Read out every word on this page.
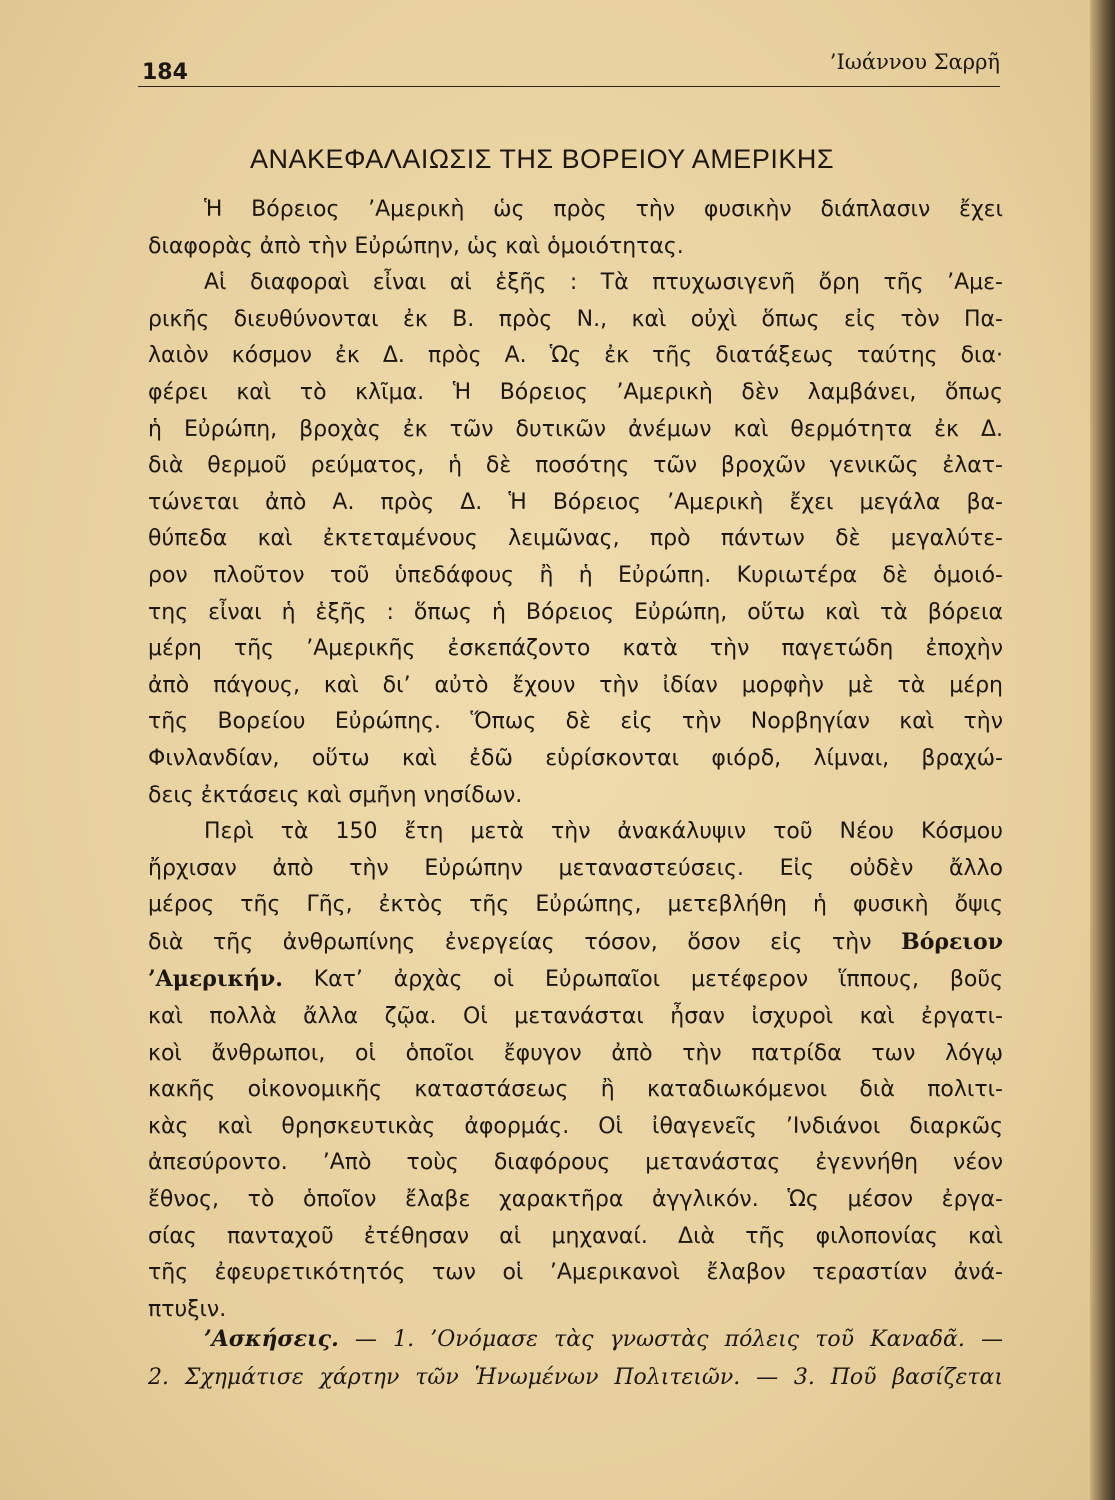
184	’Ιωάννου Σαρρῆ
ΑΝΑΚΕΦΑΛΑΙΩΣΙΣ ΤΗΣ ΒΟΡΕΙΟΥ ΑΜΕΡΙΚΗΣ
Ἡ Βόρειος ’Αμερικὴ ὡς πρὸς τὴν φυσικὴν διάπλασιν ἔχει
διαφορὰς ἀπὸ τὴν Εὐρώπην, ὡς καὶ ὁμοιότητας.
Αἱ διαφοραὶ εἶναι αἱ ἑξῆς : Τὰ πτυχωσιγενῆ ὄρη τῆς ’Αμε-
ρικῆς διευθύνονται ἐκ Β. πρὸς Ν., καὶ οὐχὶ ὅπως εἰς τὸν Πα-
λαιὸν κόσμον ἐκ Δ. πρὸς Α. Ὡς ἐκ τῆς διατάξεως ταύτης δια·
φέρει καὶ τὸ κλῖμα. Ἡ Βόρειος ’Αμερικὴ δὲν λαμβάνει, ὅπως
ἡ Εὐρώπη, βροχὰς ἐκ τῶν δυτικῶν ἀνέμων καὶ θερμότητα ἐκ Δ.
διὰ θερμοῦ ρεύματος, ἡ δὲ ποσότης τῶν βροχῶν γενικῶς ἐλατ-
τώνεται ἀπὸ Α. πρὸς Δ. Ἡ Βόρειος ’Αμερικὴ ἔχει μεγάλα βα-
θύπεδα καὶ ἐκτεταμένους λειμῶνας, πρὸ πάντων δὲ μεγαλύτε-
ρον πλοῦτον τοῦ ὑπεδάφους ἢ ἡ Εὐρώπη. Κυριωτέρα δὲ ὁμοιό-
της εἶναι ἡ ἑξῆς : ὅπως ἡ Βόρειος Εὐρώπη, οὕτω καὶ τὰ βόρεια
μέρη τῆς ’Αμερικῆς ἐσκεπάζοντο κατὰ τὴν παγετώδη ἐποχὴν
ἀπὸ πάγους, καὶ δι’ αὐτὸ ἔχουν τὴν ἰδίαν μορφὴν μὲ τὰ μέρη
τῆς Βορείου Εὐρώπης. Ὅπως δὲ εἰς τὴν Νορβηγίαν καὶ τὴν
Φινλανδίαν, οὕτω καὶ ἐδῶ εὑρίσκονται φιόρδ, λίμναι, βραχώ-
δεις ἐκτάσεις καὶ σμῆνη νησίδων.
Περὶ τὰ 150 ἔτη μετὰ τὴν ἀνακάλυψιν τοῦ Νέου Κόσμου
ἤρχισαν ἀπὸ τὴν Εὐρώπην μεταναστεύσεις. Εἰς οὐδὲν ἄλλο
μέρος τῆς Γῆς, ἐκτὸς τῆς Εὐρώπης, μετεβλήθη ἡ φυσικὴ ὄψις
διὰ τῆς ἀνθρωπίνης ἐνεργείας τόσον, ὅσον εἰς τὴν Βόρειον
’Αμερικήν. Κατ’ ἀρχὰς οἱ Εὐρωπαῖοι μετέφερον ἵππους, βοῦς
καὶ πολλὰ ἄλλα ζῷα. Οἱ μετανάσται ἦσαν ἰσχυροὶ καὶ ἐργατι-
κοὶ ἄνθρωποι, οἱ ὁποῖοι ἔφυγον ἀπὸ τὴν πατρίδα των λόγῳ
κακῆς οἰκονομικῆς καταστάσεως ἢ καταδιωκόμενοι διὰ πολιτι-
κὰς καὶ θρησκευτικὰς ἀφορμάς. Οἱ ἰθαγενεῖς ’Ινδιάνοι διαρκῶς
ἀπεσύροντο. ’Απὸ τοὺς διαφόρους μετανάστας ἐγεννήθη νέον
ἔθνος, τὸ ὁποῖον ἔλαβε χαρακτῆρα ἀγγλικόν. Ὡς μέσον ἐργα-
σίας πανταχοῦ ἐτέθησαν αἱ μηχαναί. Διὰ τῆς φιλοπονίας καὶ
τῆς ἐφευρετικότητός των οἱ ’Αμερικανοὶ ἔλαβον τεραστίαν ἀνά-
πτυξιν.
’Ασκήσεις. — 1. ’Ονόμασε τὰς γνωστὰς πόλεις τοῦ Καναδᾶ. —
2. Σχημάτισε χάρτην τῶν Ἡνωμένων Πολιτειῶν. — 3. Ποῦ βασίζεται
